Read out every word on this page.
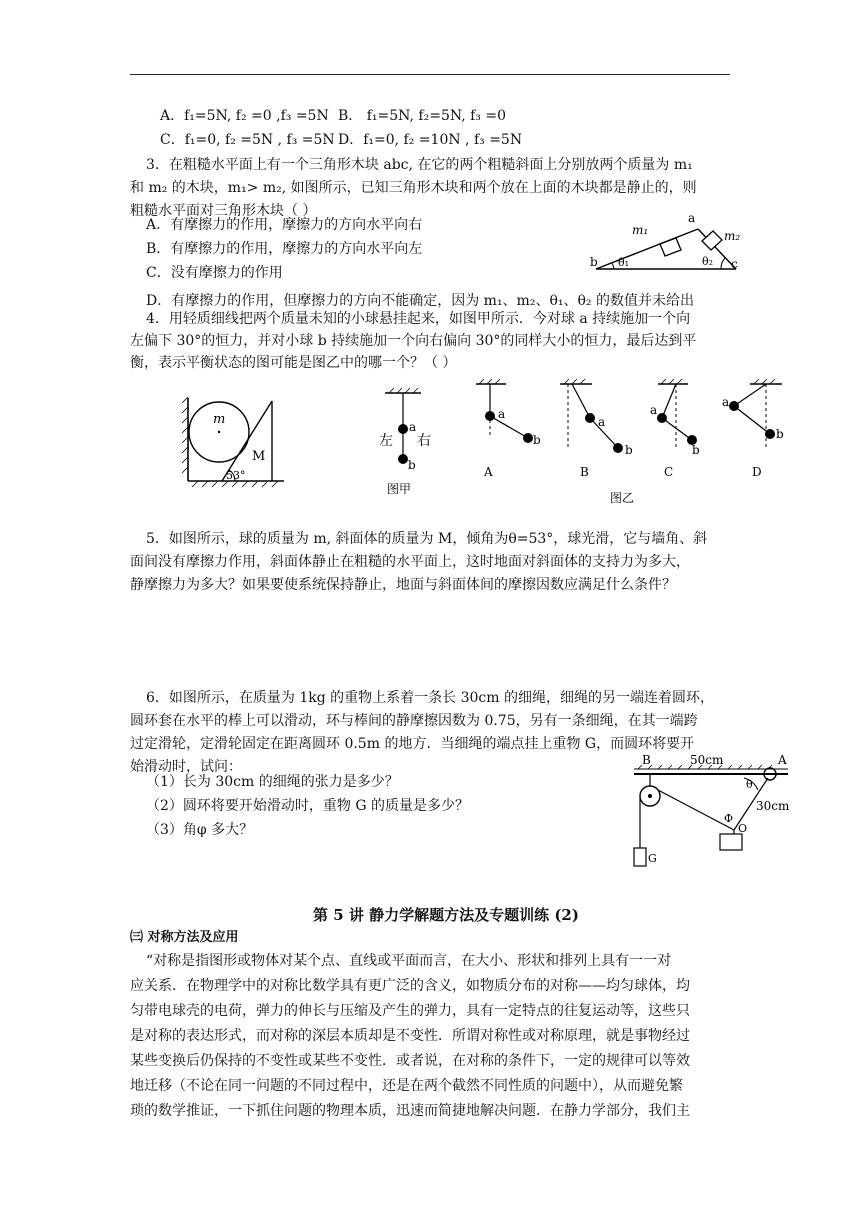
A．f₁=5N, f₂ =0 ,f₃ =5N B． f₁=5N, f₂=5N, f₃ =0
C．f₁=0, f₂ =5N , f₃ =5N D．f₁=0, f₂ =10N , f₃ =5N
3．在粗糙水平面上有一个三角形木块 abc, 在它的两个粗糙斜面上分别放两个质量为 m₁
和 m₂ 的木块，m₁> m₂, 如图所示，已知三角形木块和两个放在上面的木块都是静止的，则
粗糙水平面对三角形木块（ ）
A．有摩擦力的作用，摩擦力的方向水平向右
B．有摩擦力的作用，摩擦力的方向水平向左
C．没有摩擦力的作用
D．有摩擦力的作用，但摩擦力的方向不能确定，因为 m₁、m₂、θ₁、θ₂ 的数值并未给出
m₁
a
m₂
b θ₁	θ₂ c
4．用轻质细线把两个质量未知的小球悬挂起来，如图甲所示．今对球 a 持续施加一个向
左偏下 30°的恒力，并对小球 b 持续施加一个向右偏向 30°的同样大小的恒力，最后达到平
衡，表示平衡状态的图可能是图乙中的哪一个？（ ）
m
M
53°
a
b
左 右
图甲
a
b
A
a
b
B
a
b
C
a
b
D
图乙
5．如图所示，球的质量为 m, 斜面体的质量为 M，倾角为θ=53°，球光滑，它与墙角、斜
面间没有摩擦力作用，斜面体静止在粗糙的水平面上，这时地面对斜面体的支持力为多大，
静摩擦力为多大？如果要使系统保持静止，地面与斜面体间的摩擦因数应满足什么条件？
6．如图所示，在质量为 1kg 的重物上系着一条长 30cm 的细绳，细绳的另一端连着圆环，
圆环套在水平的棒上可以滑动，环与棒间的静摩擦因数为 0.75，另有一条细绳，在其一端跨
过定滑轮，定滑轮固定在距离圆环 0.5m 的地方．当细绳的端点挂上重物 G，而圆环将要开
始滑动时，试问：
（1）长为 30cm 的细绳的张力是多少？
（2）圆环将要开始滑动时，重物 G 的质量是多少？
（3）角φ 多大？
B	50cm	A
θ
30cm
Φ
O
G
第 5 讲 静力学解题方法及专题训练 (2)
㈢ 对称方法及应用
“对称是指图形或物体对某个点、直线或平面而言，在大小、形状和排列上具有一一对
应关系．在物理学中的对称比数学具有更广泛的含义，如物质分布的对称——均匀球体，均
匀带电球壳的电荷，弹力的伸长与压缩及产生的弹力，具有一定特点的往复运动等，这些只
是对称的表达形式，而对称的深层本质却是不变性．所谓对称性或对称原理，就是事物经过
某些变换后仍保持的不变性或某些不变性．或者说，在对称的条件下，一定的规律可以等效
地迁移（不论在同一问题的不同过程中，还是在两个截然不同性质的问题中），从而避免繁
琐的数学推证，一下抓住问题的物理本质，迅速而简捷地解决问题．在静力学部分，我们主
